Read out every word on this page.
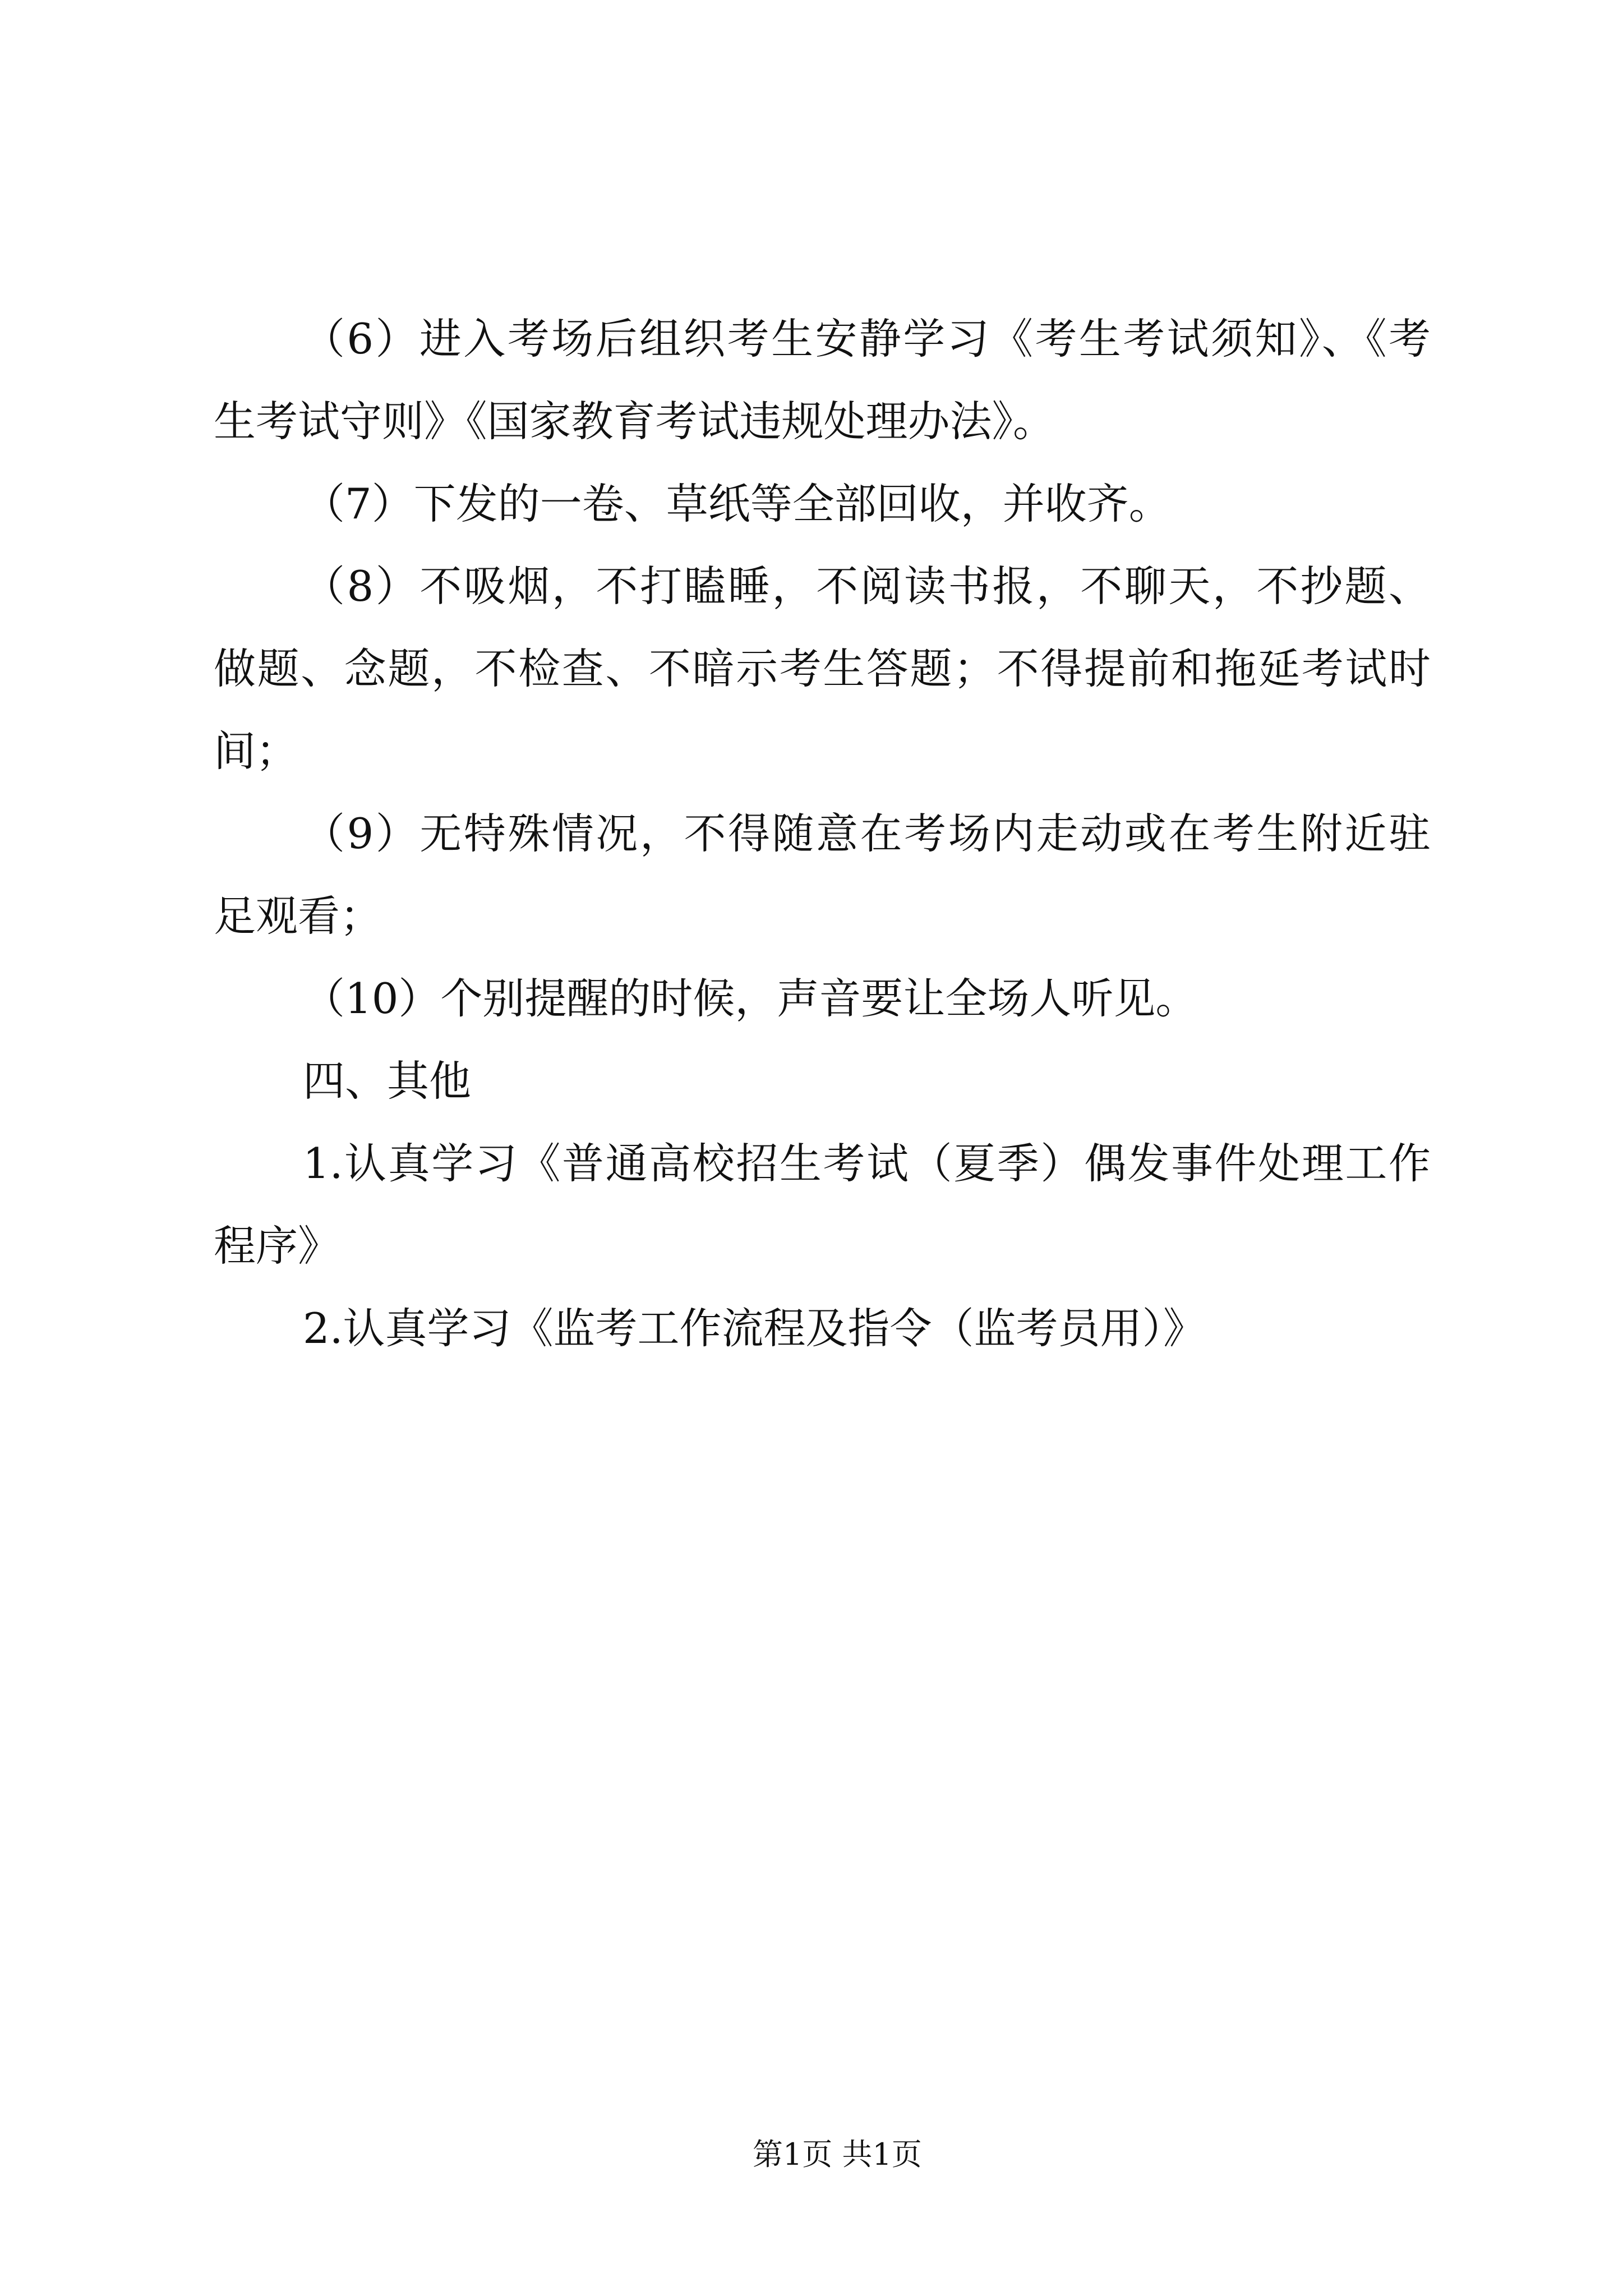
（6）进入考场后组织考生安静学习《考生考试须知》、《考
生考试守则》《国家教育考试违规处理办法》。
（7）下发的一卷、草纸等全部回收，并收齐。
（8）不吸烟，不打瞌睡，不阅读书报，不聊天，不抄题、
做题、念题，不检查、不暗示考生答题；不得提前和拖延考试时
间；
（9）无特殊情况，不得随意在考场内走动或在考生附近驻
足观看；
（10）个别提醒的时候，声音要让全场人听见。
四、其他
1.认真学习《普通高校招生考试（夏季）偶发事件处理工作
程序》
2.认真学习《监考工作流程及指令（监考员用）》
第1页 共1页
